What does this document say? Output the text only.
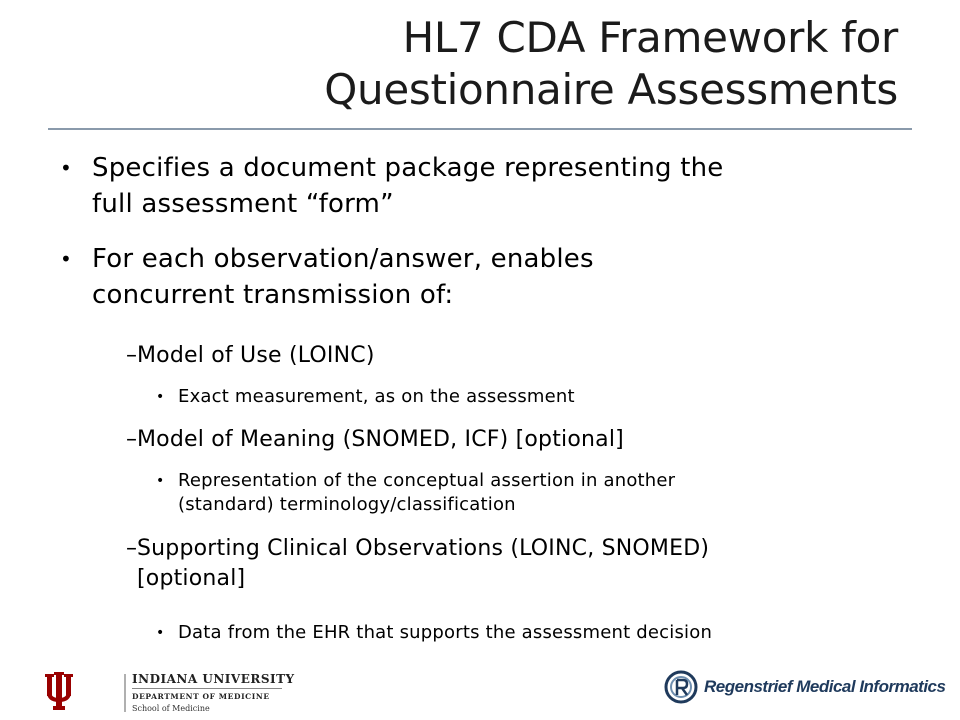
HL7 CDA Framework for
Questionnaire Assessments
• Specifies a document package representing the
full assessment “form”
• For each observation/answer, enables
concurrent transmission of:
– Model of Use (LOINC)
• Exact measurement, as on the assessment
– Model of Meaning (SNOMED, ICF) [optional]
• Representation of the conceptual assertion in another
(standard) terminology/classification
– Supporting Clinical Observations (LOINC, SNOMED)
[optional]
• Data from the EHR that supports the assessment decision
INDIANA UNIVERSITY
DEPARTMENT OF MEDICINE
School of Medicine
Regenstrief Medical Informatics
